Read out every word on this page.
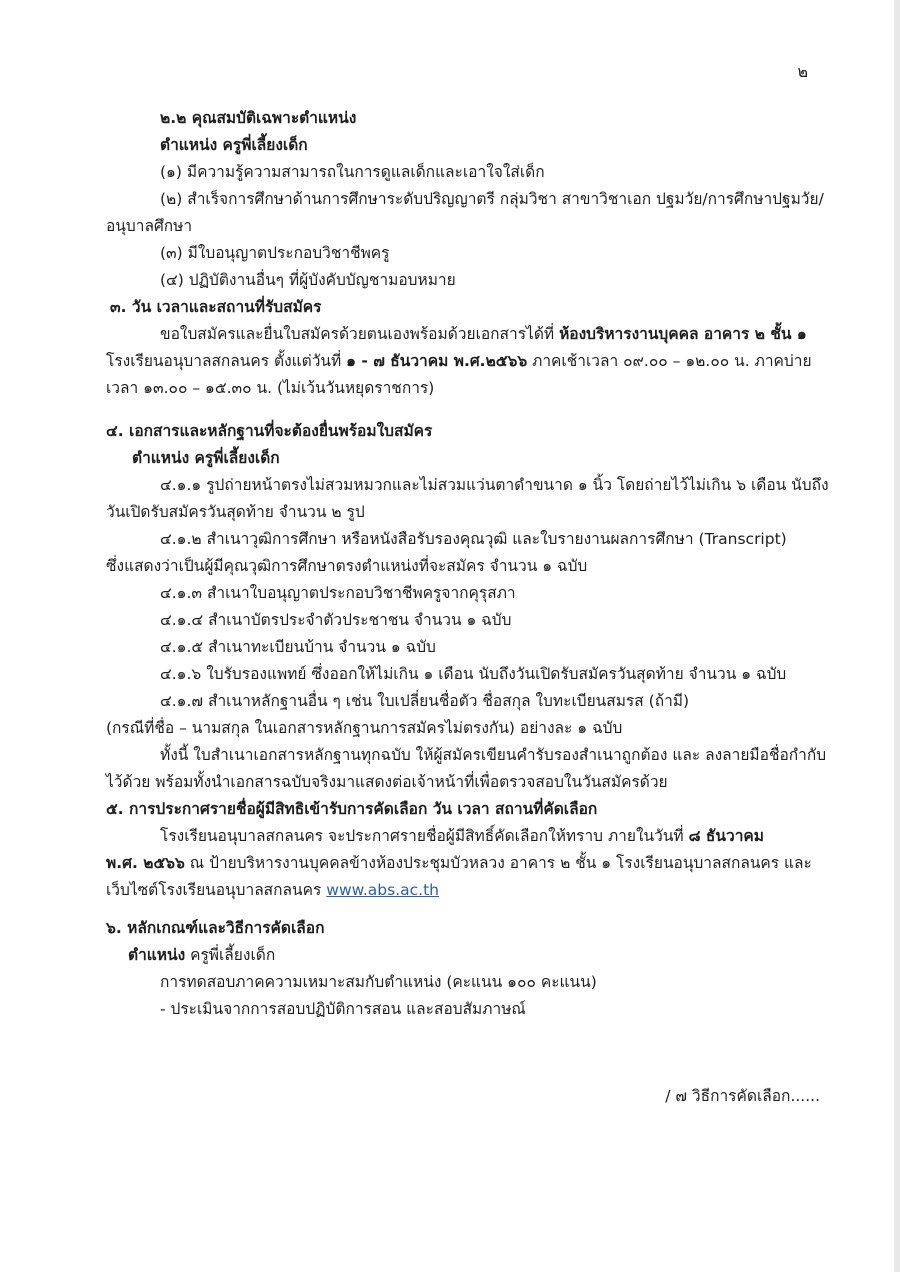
๒
๒.๒ คุณสมบัติเฉพาะตำแหน่ง
ตำแหน่ง ครูพี่เลี้ยงเด็ก
(๑) มีความรู้ความสามารถในการดูแลเด็กและเอาใจใส่เด็ก
(๒) สำเร็จการศึกษาด้านการศึกษาระดับปริญญาตรี กลุ่มวิชา สาขาวิชาเอก ปฐมวัย/การศึกษาปฐมวัย/
อนุบาลศึกษา
(๓) มีใบอนุญาตประกอบวิชาชีพครู
(๔) ปฏิบัติงานอื่นๆ ที่ผู้บังคับบัญชามอบหมาย
๓. วัน เวลาและสถานที่รับสมัคร
ขอใบสมัครและยื่นใบสมัครด้วยตนเองพร้อมด้วยเอกสารได้ที่ ห้องบริหารงานบุคคล อาคาร ๒ ชั้น ๑
โรงเรียนอนุบาลสกลนคร ตั้งแต่วันที่ ๑ - ๗ ธันวาคม พ.ศ.๒๕๖๖ ภาคเช้าเวลา ๐๙.๐๐ – ๑๒.๐๐ น. ภาคบ่าย
เวลา ๑๓.๐๐ – ๑๕.๓๐ น. (ไม่เว้นวันหยุดราชการ)
๔. เอกสารและหลักฐานที่จะต้องยื่นพร้อมใบสมัคร
ตำแหน่ง ครูพี่เลี้ยงเด็ก
๔.๑.๑ รูปถ่ายหน้าตรงไม่สวมหมวกและไม่สวมแว่นตาดำขนาด ๑ นิ้ว โดยถ่ายไว้ไม่เกิน ๖ เดือน นับถึง
วันเปิดรับสมัครวันสุดท้าย จำนวน ๒ รูป
๔.๑.๒ สำเนาวุฒิการศึกษา หรือหนังสือรับรองคุณวุฒิ และใบรายงานผลการศึกษา (Transcript)
ซึ่งแสดงว่าเป็นผู้มีคุณวุฒิการศึกษาตรงตำแหน่งที่จะสมัคร จำนวน ๑ ฉบับ
๔.๑.๓ สำเนาใบอนุญาตประกอบวิชาชีพครูจากคุรุสภา
๔.๑.๔ สำเนาบัตรประจำตัวประชาชน จำนวน ๑ ฉบับ
๔.๑.๕ สำเนาทะเบียนบ้าน จำนวน ๑ ฉบับ
๔.๑.๖ ใบรับรองแพทย์ ซึ่งออกให้ไม่เกิน ๑ เดือน นับถึงวันเปิดรับสมัครวันสุดท้าย จำนวน ๑ ฉบับ
๔.๑.๗ สำเนาหลักฐานอื่น ๆ เช่น ใบเปลี่ยนชื่อตัว ชื่อสกุล ใบทะเบียนสมรส (ถ้ามี)
(กรณีที่ชื่อ – นามสกุล ในเอกสารหลักฐานการสมัครไม่ตรงกัน) อย่างละ ๑ ฉบับ
ทั้งนี้ ใบสำเนาเอกสารหลักฐานทุกฉบับ ให้ผู้สมัครเขียนคำรับรองสำเนาถูกต้อง และ ลงลายมือชื่อกำกับ
ไว้ด้วย พร้อมทั้งนำเอกสารฉบับจริงมาแสดงต่อเจ้าหน้าที่เพื่อตรวจสอบในวันสมัครด้วย
๕. การประกาศรายชื่อผู้มีสิทธิเข้ารับการคัดเลือก วัน เวลา สถานที่คัดเลือก
โรงเรียนอนุบาลสกลนคร จะประกาศรายชื่อผู้มีสิทธิ์คัดเลือกให้ทราบ ภายในวันที่ ๘ ธันวาคม
พ.ศ. ๒๕๖๖ ณ ป้ายบริหารงานบุคคลข้างห้องประชุมบัวหลวง อาคาร ๒ ชั้น ๑ โรงเรียนอนุบาลสกลนคร และ
เว็บไซต์โรงเรียนอนุบาลสกลนคร www.abs.ac.th
๖. หลักเกณฑ์และวิธีการคัดเลือก
ตำแหน่ง ครูพี่เลี้ยงเด็ก
การทดสอบภาคความเหมาะสมกับตำแหน่ง (คะแนน ๑๐๐ คะแนน)
- ประเมินจากการสอบปฏิบัติการสอน และสอบสัมภาษณ์
/ ๗ วิธีการคัดเลือก......
